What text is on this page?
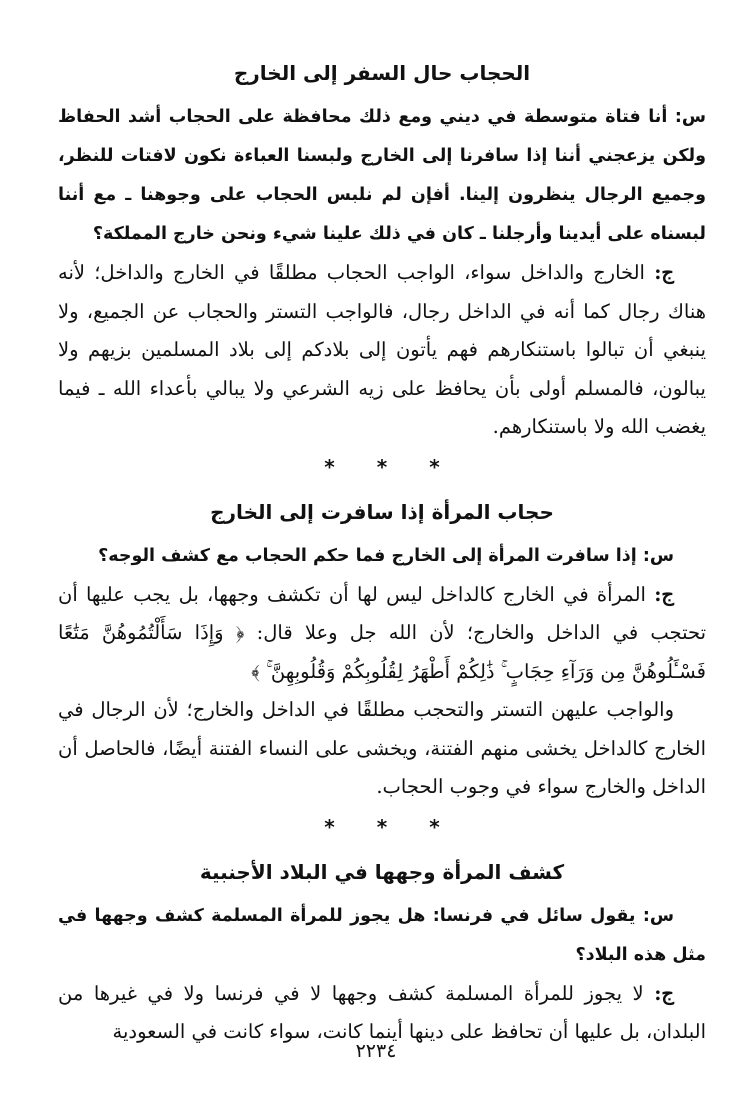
الحجاب حال السفر إلى الخارج

س: أنا فتاة متوسطة في ديني ومع ذلك محافظة على الحجاب أشد الحفاظ ولكن يزعجني أننا إذا سافرنا إلى الخارج ولبسنا العباءة نكون لافتات للنظر، وجميع الرجال ينظرون إلينا. أفإن لم نلبس الحجاب على وجوهنا ـ مع أننا لبسناه على أيدينا وأرجلنا ـ كان في ذلك علينا شيء ونحن خارج المملكة؟

ج: الخارج والداخل سواء، الواجب الحجاب مطلقًا في الخارج والداخل؛ لأنه هناك رجال كما أنه في الداخل رجال، فالواجب التستر والحجاب عن الجميع، ولا ينبغي أن تبالوا باستنكارهم فهم يأتون إلى بلادكم إلى بلاد المسلمين بزيهم ولا يبالون، فالمسلم أولى بأن يحافظ على زيه الشرعي ولا يبالي بأعداء الله ـ فيما يغضب الله ولا باستنكارهم.

*
*
*
حجاب المرأة إذا سافرت إلى الخارج

س: إذا سافرت المرأة إلى الخارج فما حكم الحجاب مع كشف الوجه؟

ج: المرأة في الخارج كالداخل ليس لها أن تكشف وجهها، بل يجب عليها أن تحتجب في الداخل والخارج؛ لأن الله جل وعلا قال: ﴿ وَإِذَا سَأَلْتُمُوهُنَّ مَتَٰعًا فَسْـَٔلُوهُنَّ مِن وَرَآءِ حِجَابٍ ۚ ذَٰلِكُمْ أَطْهَرُ لِقُلُوبِكُمْ وَقُلُوبِهِنَّ ۚ ﴾

والواجب عليهن التستر والتحجب مطلقًا في الداخل والخارج؛ لأن الرجال في الخارج كالداخل يخشى منهم الفتنة، ويخشى على النساء الفتنة أيضًا، فالحاصل أن الداخل والخارج سواء في وجوب الحجاب.

*
*
*
كشف المرأة وجهها في البلاد الأجنبية

س: يقول سائل في فرنسا: هل يجوز للمرأة المسلمة كشف وجهها في مثل هذه البلاد؟

ج: لا يجوز للمرأة المسلمة كشف وجهها لا في فرنسا ولا في غيرها من البلدان، بل عليها أن تحافظ على دينها أينما كانت، سواء كانت في السعودية

٢٢٣٤
